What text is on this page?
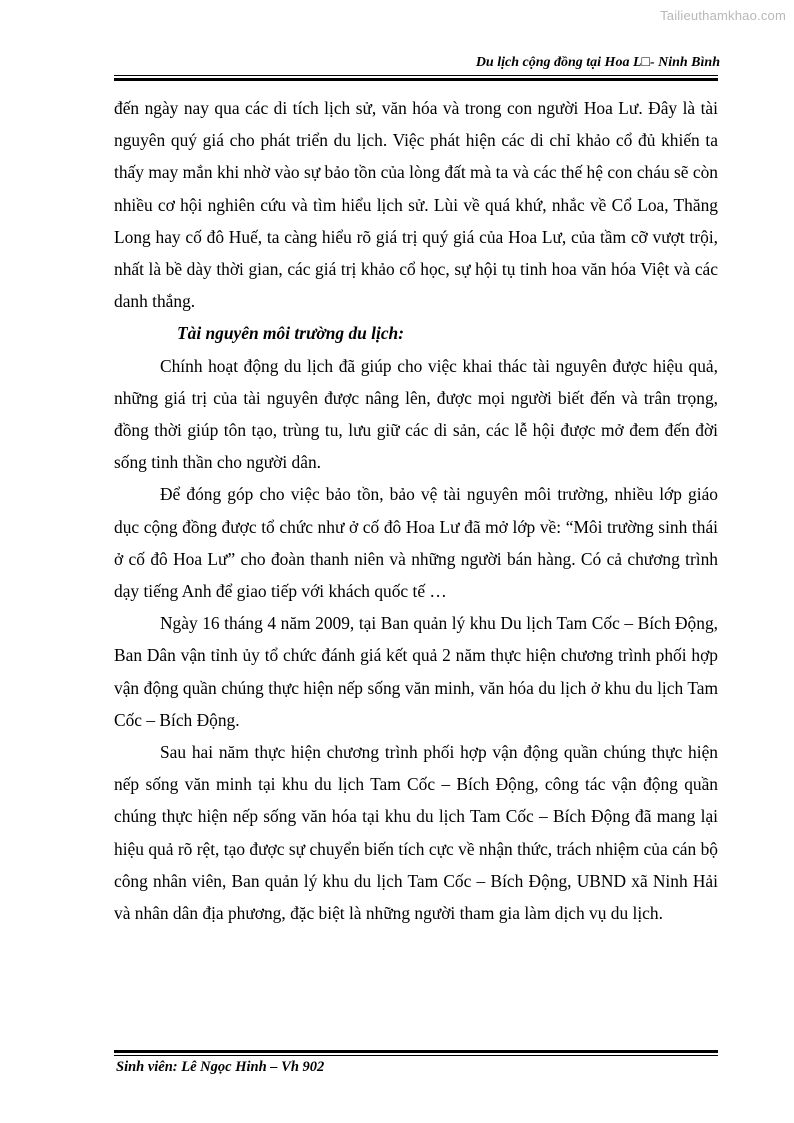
Tailieuthamkhao.com
Du lịch cộng đồng tại Hoa L□- Ninh Bình

đến ngày nay qua các di tích lịch sử, văn hóa và trong con người Hoa Lư. Đây là tài nguyên quý giá cho phát triển du lịch. Việc phát hiện các di chỉ khảo cổ đủ khiến ta thấy may mắn khi nhờ vào sự bảo tồn của lòng đất mà ta và các thế hệ con cháu sẽ còn nhiều cơ hội nghiên cứu và tìm hiểu lịch sử. Lùi về quá khứ, nhắc về Cổ Loa, Thăng Long hay cố đô Huế, ta càng hiểu rõ giá trị quý giá của Hoa Lư, của tầm cỡ vượt trội, nhất là bề dày thời gian, các giá trị khảo cổ học, sự hội tụ tinh hoa văn hóa Việt và các danh thắng.

Tài nguyên môi trường du lịch:

Chính hoạt động du lịch đã giúp cho việc khai thác tài nguyên được hiệu quả, những giá trị của tài nguyên được nâng lên, được mọi người biết đến và trân trọng, đồng thời giúp tôn tạo, trùng tu, lưu giữ các di sản, các lễ hội được mở đem đến đời sống tinh thần cho người dân.

Để đóng góp cho việc bảo tồn, bảo vệ tài nguyên môi trường, nhiều lớp giáo dục cộng đồng được tổ chức như ở cố đô Hoa Lư đã mở lớp về: “Môi trường sinh thái ở cố đô Hoa Lư” cho đoàn thanh niên và những người bán hàng. Có cả chương trình dạy tiếng Anh để giao tiếp với khách quốc tế …

Ngày 16 tháng 4 năm 2009, tại Ban quản lý khu Du lịch Tam Cốc – Bích Động, Ban Dân vận tỉnh ủy tổ chức đánh giá kết quả 2 năm thực hiện chương trình phối hợp vận động quần chúng thực hiện nếp sống văn minh, văn hóa du lịch ở khu du lịch Tam Cốc – Bích Động.

Sau hai năm thực hiện chương trình phối hợp vận động quần chúng thực hiện nếp sống văn minh tại khu du lịch Tam Cốc – Bích Động, công tác vận động quần chúng thực hiện nếp sống văn hóa tại khu du lịch Tam Cốc – Bích Động đã mang lại hiệu quả rõ rệt, tạo được sự chuyển biến tích cực về nhận thức, trách nhiệm của cán bộ công nhân viên, Ban quản lý khu du lịch Tam Cốc – Bích Động, UBND xã Ninh Hải và nhân dân địa phương, đặc biệt là những người tham gia làm dịch vụ du lịch.

Sinh viên: Lê Ngọc Hinh – Vh 902
